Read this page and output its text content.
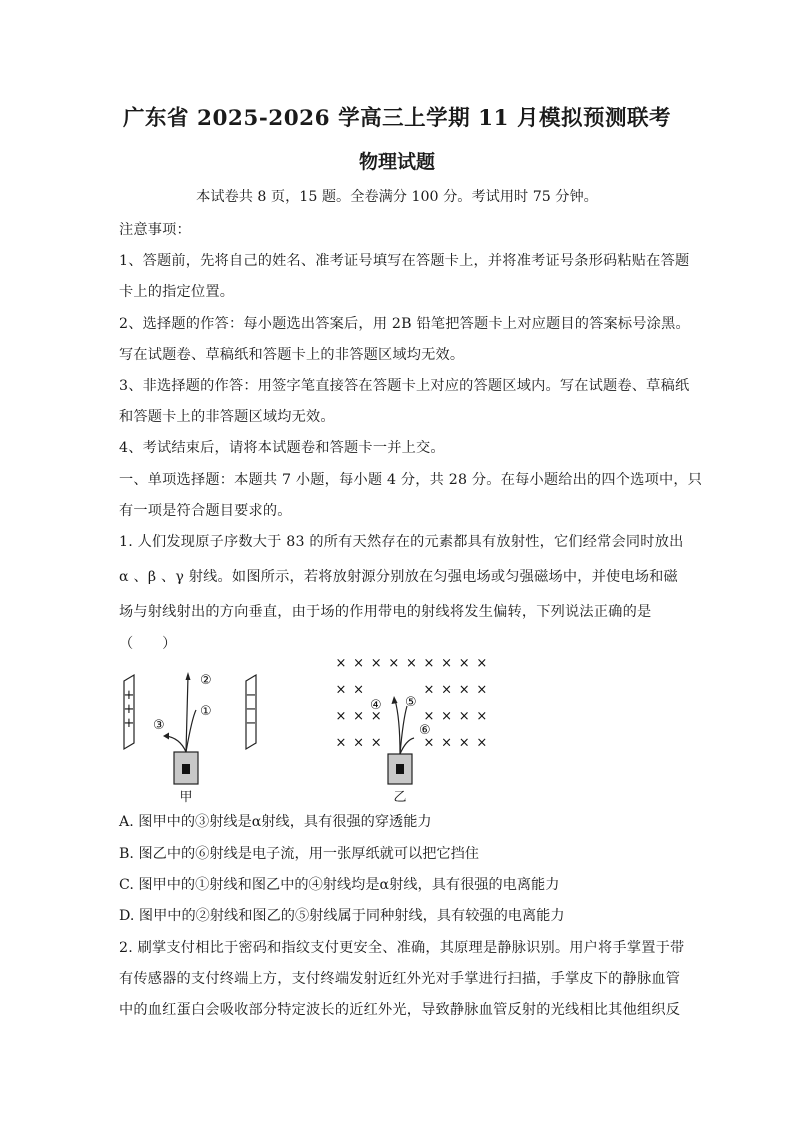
广东省 2025-2026 学高三上学期 11 月模拟预测联考
物理试题
本试卷共 8 页，15 题。全卷满分 100 分。考试用时 75 分钟。
注意事项：
1、答题前，先将自己的姓名、准考证号填写在答题卡上，并将准考证号条形码粘贴在答题
卡上的指定位置。
2、选择题的作答：每小题选出答案后，用 2B 铅笔把答题卡上对应题目的答案标号涂黑。
写在试题卷、草稿纸和答题卡上的非答题区域均无效。
3、非选择题的作答：用签字笔直接答在答题卡上对应的答题区域内。写在试题卷、草稿纸
和答题卡上的非答题区域均无效。
4、考试结束后，请将本试题卷和答题卡一并上交。
一、单项选择题：本题共 7 小题，每小题 4 分，共 28 分。在每小题给出的四个选项中，只
有一项是符合题目要求的。
1. 人们发现原子序数大于 83 的所有天然存在的元素都具有放射性，它们经常会同时放出
α 、β 、γ 射线。如图所示，若将放射源分别放在匀强电场或匀强磁场中，并使电场和磁
场与射线射出的方向垂直，由于场的作用带电的射线将发生偏转，下列说法正确的是
（　　）
+
+
+
−
−
−
②
①
③
甲
× × × × × × × × ×
× ×	× × × ×
× × ×	× × × ×
× × ×	× × × ×
④ ⑤
⑥
乙
A. 图甲中的③射线是α射线，具有很强的穿透能力
B. 图乙中的⑥射线是电子流，用一张厚纸就可以把它挡住
C. 图甲中的①射线和图乙中的④射线均是α射线，具有很强的电离能力
D. 图甲中的②射线和图乙的⑤射线属于同种射线，具有较强的电离能力
2. 刷掌支付相比于密码和指纹支付更安全、准确，其原理是静脉识别。用户将手掌置于带
有传感器的支付终端上方，支付终端发射近红外光对手掌进行扫描，手掌皮下的静脉血管
中的血红蛋白会吸收部分特定波长的近红外光，导致静脉血管反射的光线相比其他组织反
